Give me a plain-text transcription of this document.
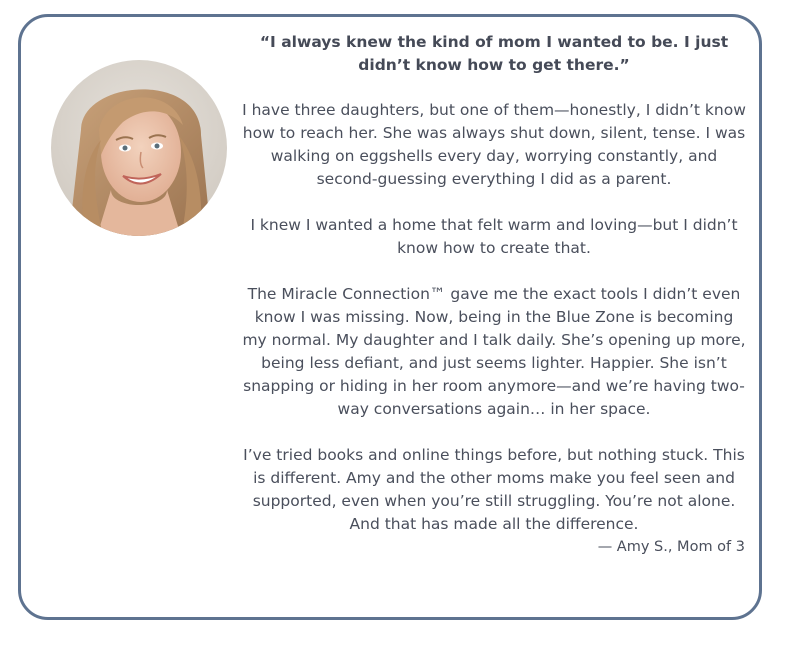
“I always knew the kind of mom I wanted to be. I just didn’t know how to get there.”

I have three daughters, but one of them—honestly, I didn’t know how to reach her. She was always shut down, silent, tense. I was walking on eggshells every day, worrying constantly, and second-guessing everything I did as a parent.

I knew I wanted a home that felt warm and loving—but I didn’t know how to create that.

The Miracle Connection™ gave me the exact tools I didn’t even know I was missing. Now, being in the Blue Zone is becoming my normal. My daughter and I talk daily. She’s opening up more, being less defiant, and just seems lighter. Happier. She isn’t snapping or hiding in her room anymore—and we’re having two-way conversations again… in her space.

I’ve tried books and online things before, but nothing stuck. This is different. Amy and the other moms make you feel seen and supported, even when you’re still struggling. You’re not alone. And that has made all the difference.

— Amy S., Mom of 3
